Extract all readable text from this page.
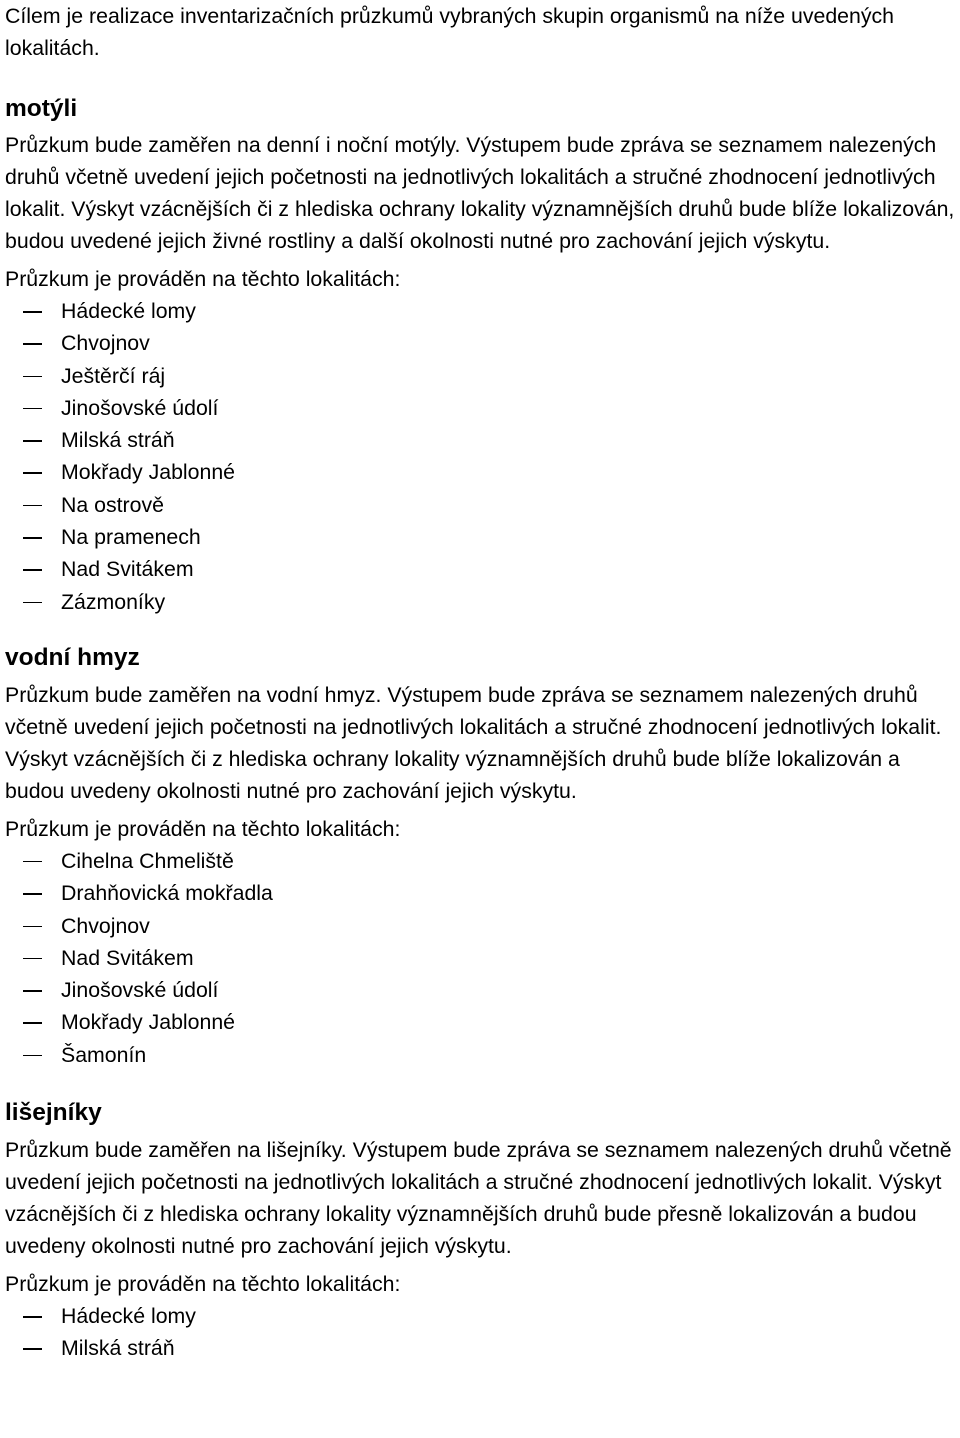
Cílem je realizace inventarizačních průzkumů vybraných skupin organismů na níže uvedených lokalitách.

motýli

Průzkum bude zaměřen na denní i noční motýly. Výstupem bude zpráva se seznamem nalezených druhů včetně uvedení jejich početnosti na jednotlivých lokalitách a stručné zhodnocení jednotlivých lokalit. Výskyt vzácnějších či z hlediska ochrany lokality významnějších druhů bude blíže lokalizován, budou uvedené jejich živné rostliny a další okolnosti nutné pro zachování jejich výskytu.

Průzkum je prováděn na těchto lokalitách:

Hádecké lomy
Chvojnov
Ještěrčí ráj
Jinošovské údolí
Milská stráň
Mokřady Jablonné
Na ostrově
Na pramenech
Nad Svitákem
Zázmoníky
vodní hmyz

Průzkum bude zaměřen na vodní hmyz. Výstupem bude zpráva se seznamem nalezených druhů včetně uvedení jejich početnosti na jednotlivých lokalitách a stručné zhodnocení jednotlivých lokalit. Výskyt vzácnějších či z hlediska ochrany lokality významnějších druhů bude blíže lokalizován a budou uvedeny okolnosti nutné pro zachování jejich výskytu.

Průzkum je prováděn na těchto lokalitách:

Cihelna Chmeliště
Drahňovická mokřadla
Chvojnov
Nad Svitákem
Jinošovské údolí
Mokřady Jablonné
Šamonín
lišejníky

Průzkum bude zaměřen na lišejníky. Výstupem bude zpráva se seznamem nalezených druhů včetně uvedení jejich početnosti na jednotlivých lokalitách a stručné zhodnocení jednotlivých lokalit. Výskyt vzácnějších či z hlediska ochrany lokality významnějších druhů bude přesně lokalizován a budou uvedeny okolnosti nutné pro zachování jejich výskytu.

Průzkum je prováděn na těchto lokalitách:

Hádecké lomy
Milská stráň
